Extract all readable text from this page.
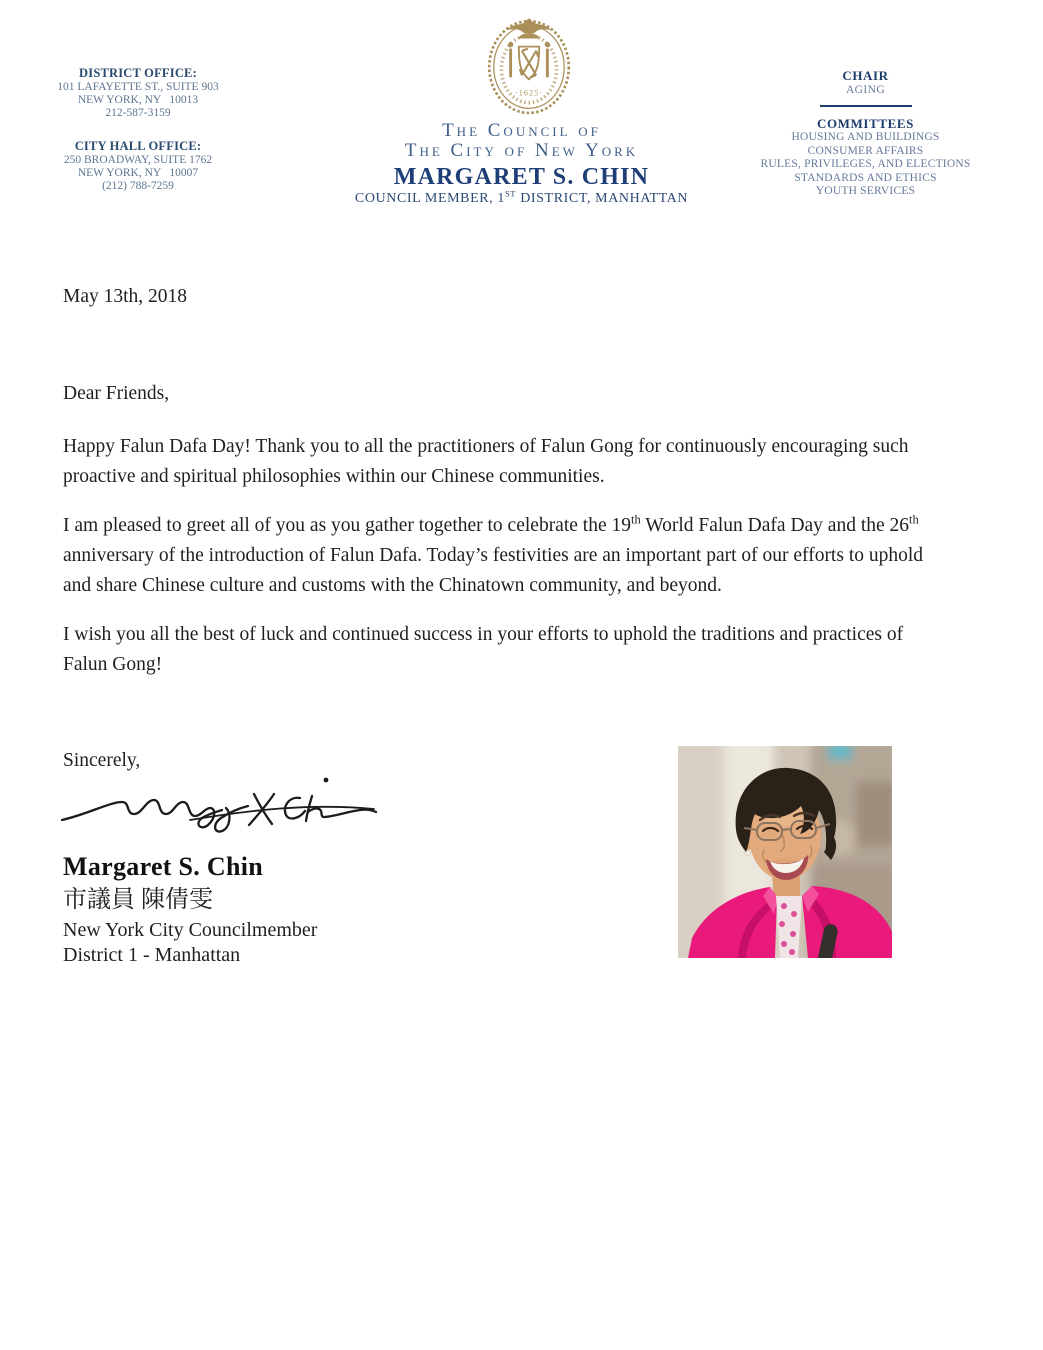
DISTRICT OFFICE:
101 LAFAYETTE ST., SUITE 903
NEW YORK, NY   10013
212-587-3159
CITY HALL OFFICE:
250 BROADWAY, SUITE 1762
NEW YORK, NY   10007
(212) 788-7259
·1625·
The Council of
The City of New York
MARGARET S. CHIN
COUNCIL MEMBER, 1ST DISTRICT, MANHATTAN
CHAIR
AGING
COMMITTEES
HOUSING AND BUILDINGS
CONSUMER AFFAIRS
RULES, PRIVILEGES, AND ELECTIONS
STANDARDS AND ETHICS
YOUTH SERVICES
May 13th, 2018
Dear Friends,
Happy Falun Dafa Day! Thank you to all the practitioners of Falun Gong for continuously encouraging such
proactive and spiritual philosophies within our Chinese communities.
I am pleased to greet all of you as you gather together to celebrate the 19th World Falun Dafa Day and the 26th
anniversary of the introduction of Falun Dafa. Today’s festivities are an important part of our efforts to uphold
and share Chinese culture and customs with the Chinatown community, and beyond.
I wish you all the best of luck and continued success in your efforts to uphold the traditions and practices of
Falun Gong!
Sincerely,
Margaret S. Chin
市議員 陳倩雯
New York City Councilmember
District 1 - Manhattan
